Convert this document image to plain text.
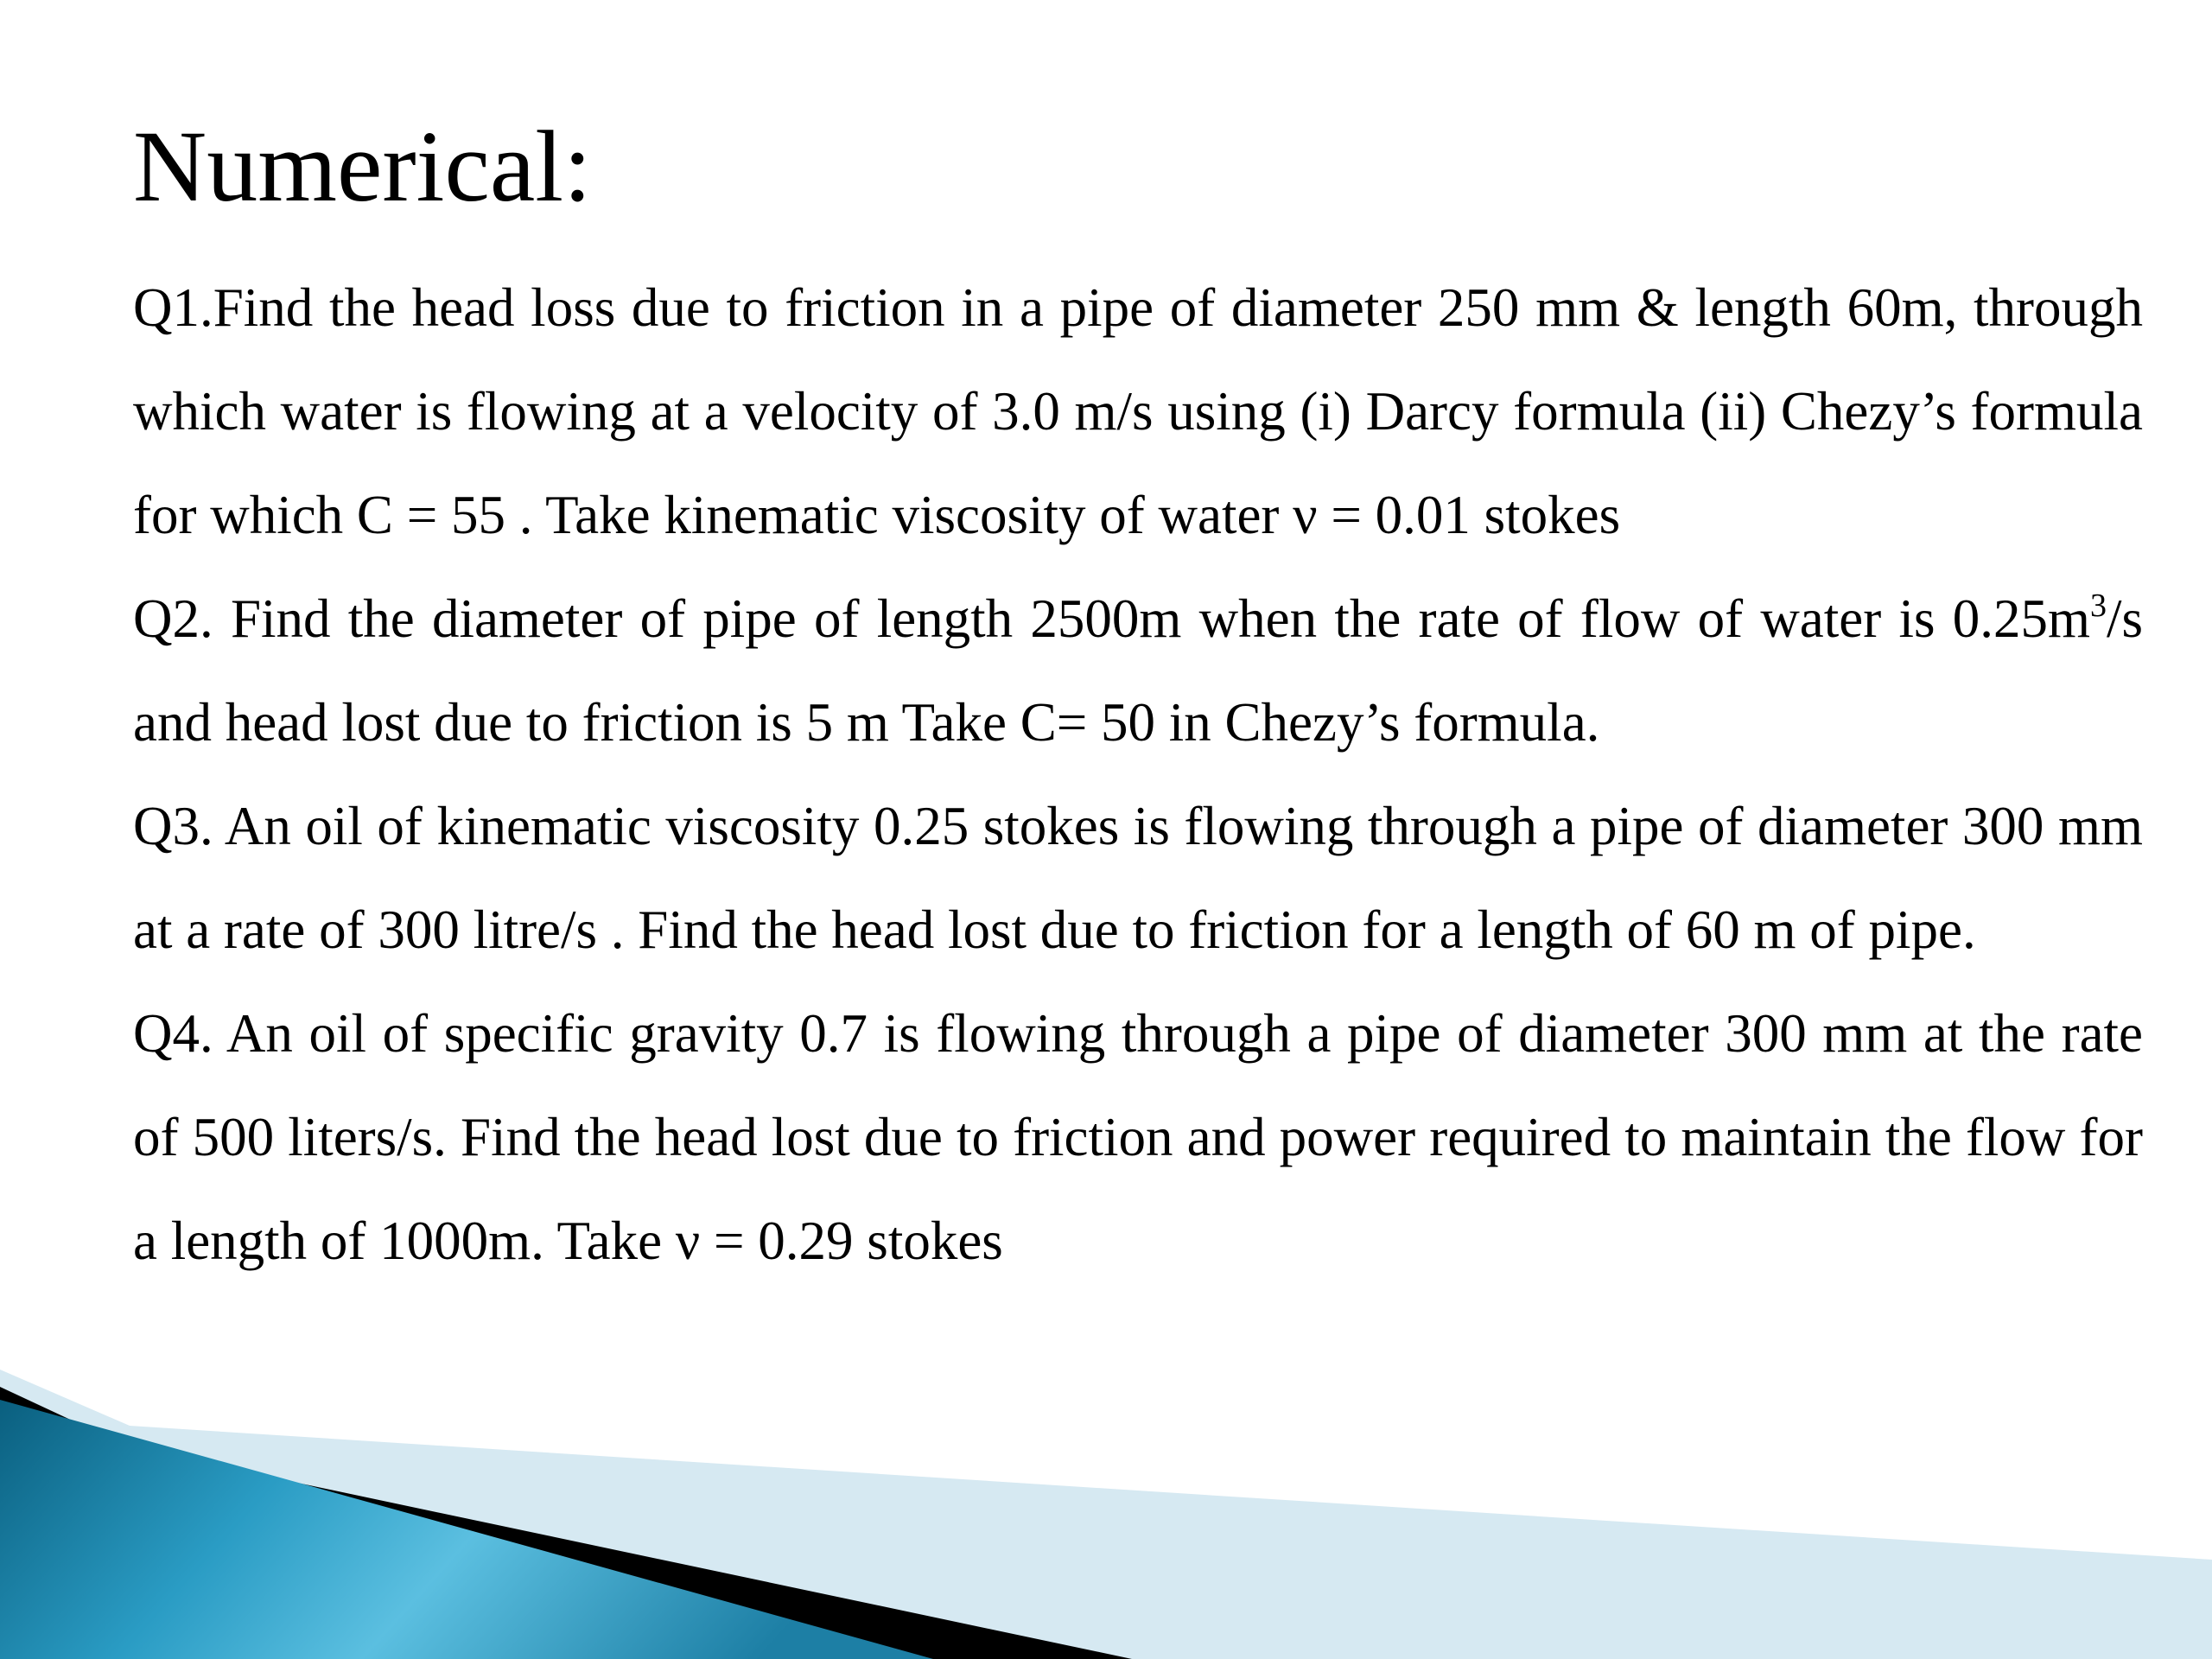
Numerical:

Q1.Find the head loss due to friction in a pipe of diameter 250 mm & length 60m, through which water is flowing at a velocity of 3.0 m/s using (i) Darcy formula (ii) Chezy’s formula for which C = 55 . Take kinematic viscosity of water ν = 0.01 stokes

Q2. Find the diameter of pipe of length 2500m when the rate of flow of water is $0.25m^3/s$ and head lost due to friction is 5 m Take C= 50 in Chezy’s formula.

Q3. An oil of kinematic viscosity 0.25 stokes is flowing through a pipe of diameter 300 mm at a rate of 300 litre/s . Find the head lost due to friction for a length of 60 m of pipe.

Q4. An oil of specific gravity 0.7 is flowing through a pipe of diameter 300 mm at the rate of 500 liters/s. Find the head lost due to friction and power required to maintain the flow for a length of 1000m. Take ν = 0.29 stokes
